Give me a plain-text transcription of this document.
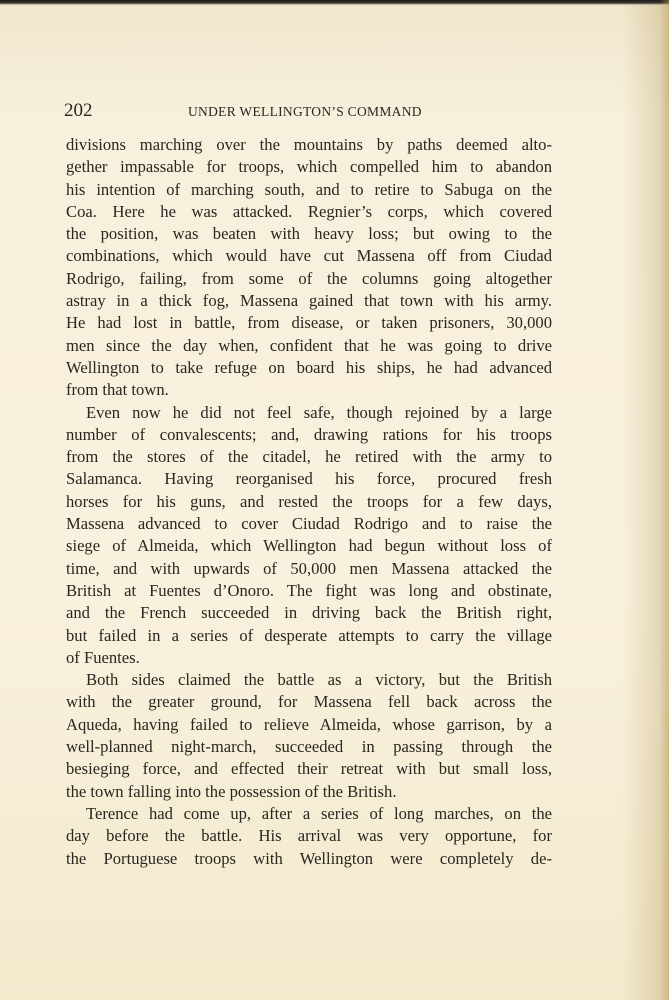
202	UNDER WELLINGTON’S COMMAND
divisions marching over the mountains by paths deemed alto-
gether impassable for troops, which compelled him to abandon
his intention of marching south, and to retire to Sabuga on the
Coa. Here he was attacked. Regnier’s corps, which covered
the position, was beaten with heavy loss; but owing to the
combinations, which would have cut Massena off from Ciudad
Rodrigo, failing, from some of the columns going altogether
astray in a thick fog, Massena gained that town with his army.
He had lost in battle, from disease, or taken prisoners, 30,000
men since the day when, confident that he was going to drive
Wellington to take refuge on board his ships, he had advanced
from that town.
Even now he did not feel safe, though rejoined by a large
number of convalescents; and, drawing rations for his troops
from the stores of the citadel, he retired with the army to
Salamanca. Having reorganised his force, procured fresh
horses for his guns, and rested the troops for a few days,
Massena advanced to cover Ciudad Rodrigo and to raise the
siege of Almeida, which Wellington had begun without loss of
time, and with upwards of 50,000 men Massena attacked the
British at Fuentes d’Onoro. The fight was long and obstinate,
and the French succeeded in driving back the British right,
but failed in a series of desperate attempts to carry the village
of Fuentes.
Both sides claimed the battle as a victory, but the British
with the greater ground, for Massena fell back across the
Aqueda, having failed to relieve Almeida, whose garrison, by a
well-planned night-march, succeeded in passing through the
besieging force, and effected their retreat with but small loss,
the town falling into the possession of the British.
Terence had come up, after a series of long marches, on the
day before the battle. His arrival was very opportune, for
the Portuguese troops with Wellington were completely de-
